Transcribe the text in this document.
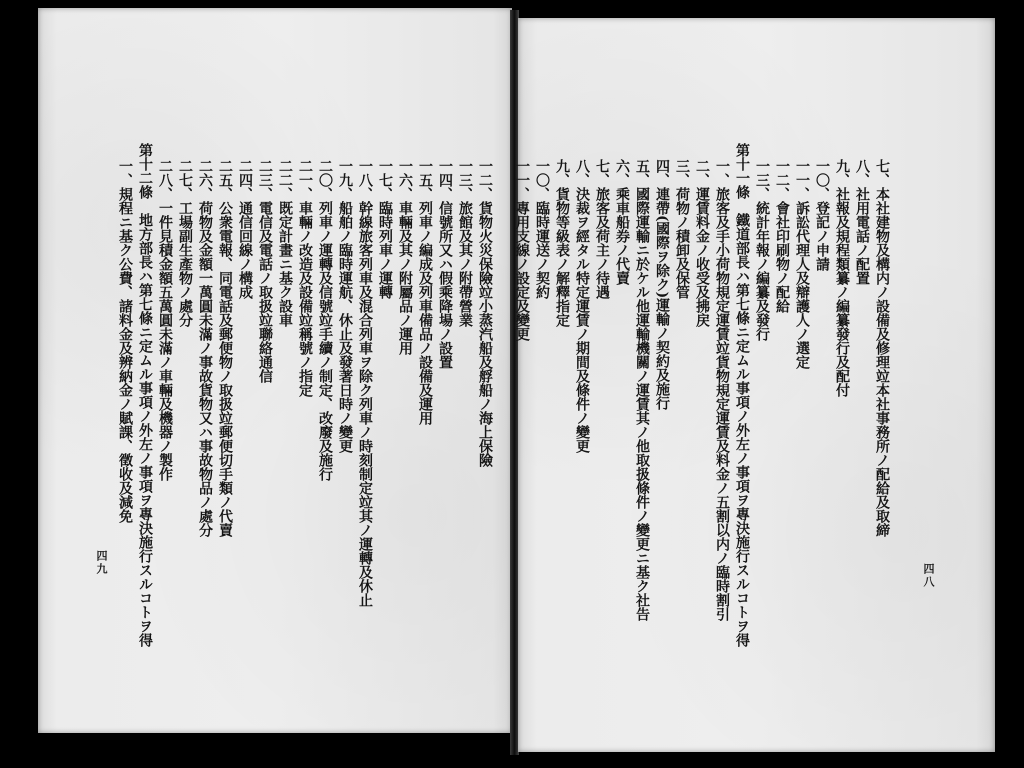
一二、貨物火災保險竝小蒸汽船及艀船ノ海上保險
一三、旅館及其ノ附帶營業
一四、信號所又ハ假乘降場ノ設置
一五、列車ノ編成及列車備品ノ設備及運用
一六、車輛及其ノ附屬品ノ運用
一七、臨時列車ノ運轉
一八、幹線旅客列車及混合列車ヲ除ク列車ノ時刻制定竝其ノ運轉及休止
一九、船舶ノ臨時運航、休止及發著日時ノ變更
二〇、列車ノ運轉及信號竝手續ノ制定、改廢及施行
二一、車輛ノ改造及設備竝稱號ノ指定
二二、既定計畫ニ基ク設車
二三、電信及電話ノ取扱竝聯絡通信
二四、通信回線ノ構成
二五、公衆電報、同電話及郵便物ノ取扱竝郵便切手類ノ代賣
二六、荷物及金額一萬圓未滿ノ事故貨物又ハ事故物品ノ處分
二七、工場副生產物ノ處分
二八、一件見積金額五萬圓未滿ノ車輛及機器ノ製作
第十二條　地方部長ハ第七條ニ定ムル事項ノ外左ノ事項ヲ專決施行スルコトヲ得
一、規程ニ基ク公費、諸料金及辨納金ノ賦課、徵收及減免
四九
七、本社建物及構内ノ設備及修理竝本社事務所ノ配給及取締
八、社用電話ノ配置
九、社報及規程類纂ノ編纂發行及配付
一〇、登記ノ申請
一一、訴訟代理人及辯護人ノ選定
一二、會社印刷物ノ配給
一三、統計年報ノ編纂及發行
第十一條　鐵道部長ハ第七條ニ定ムル事項ノ外左ノ事項ヲ專決施行スルコトヲ得
一、旅客及手小荷物規定運賃竝貨物規定運賃及料金ノ五割以内ノ臨時割引
二、運賃料金ノ收受及拂戻
三、荷物ノ積卸及保管
四、連帶(國際ヲ除ク)運輸ノ契約及施行
五、國際運輸ニ於ケル他運輸機關ノ運賃其ノ他取扱條件ノ變更ニ基ク社告
六、乘車船券ノ代賣
七、旅客及荷主ノ待遇
八、決裁ヲ經タル特定運賃ノ期間及條件ノ變更
九、貨物等級表ノ解釋指定
一〇、臨時運送ノ契約
一一、專用支線ノ設定及變更
四八
